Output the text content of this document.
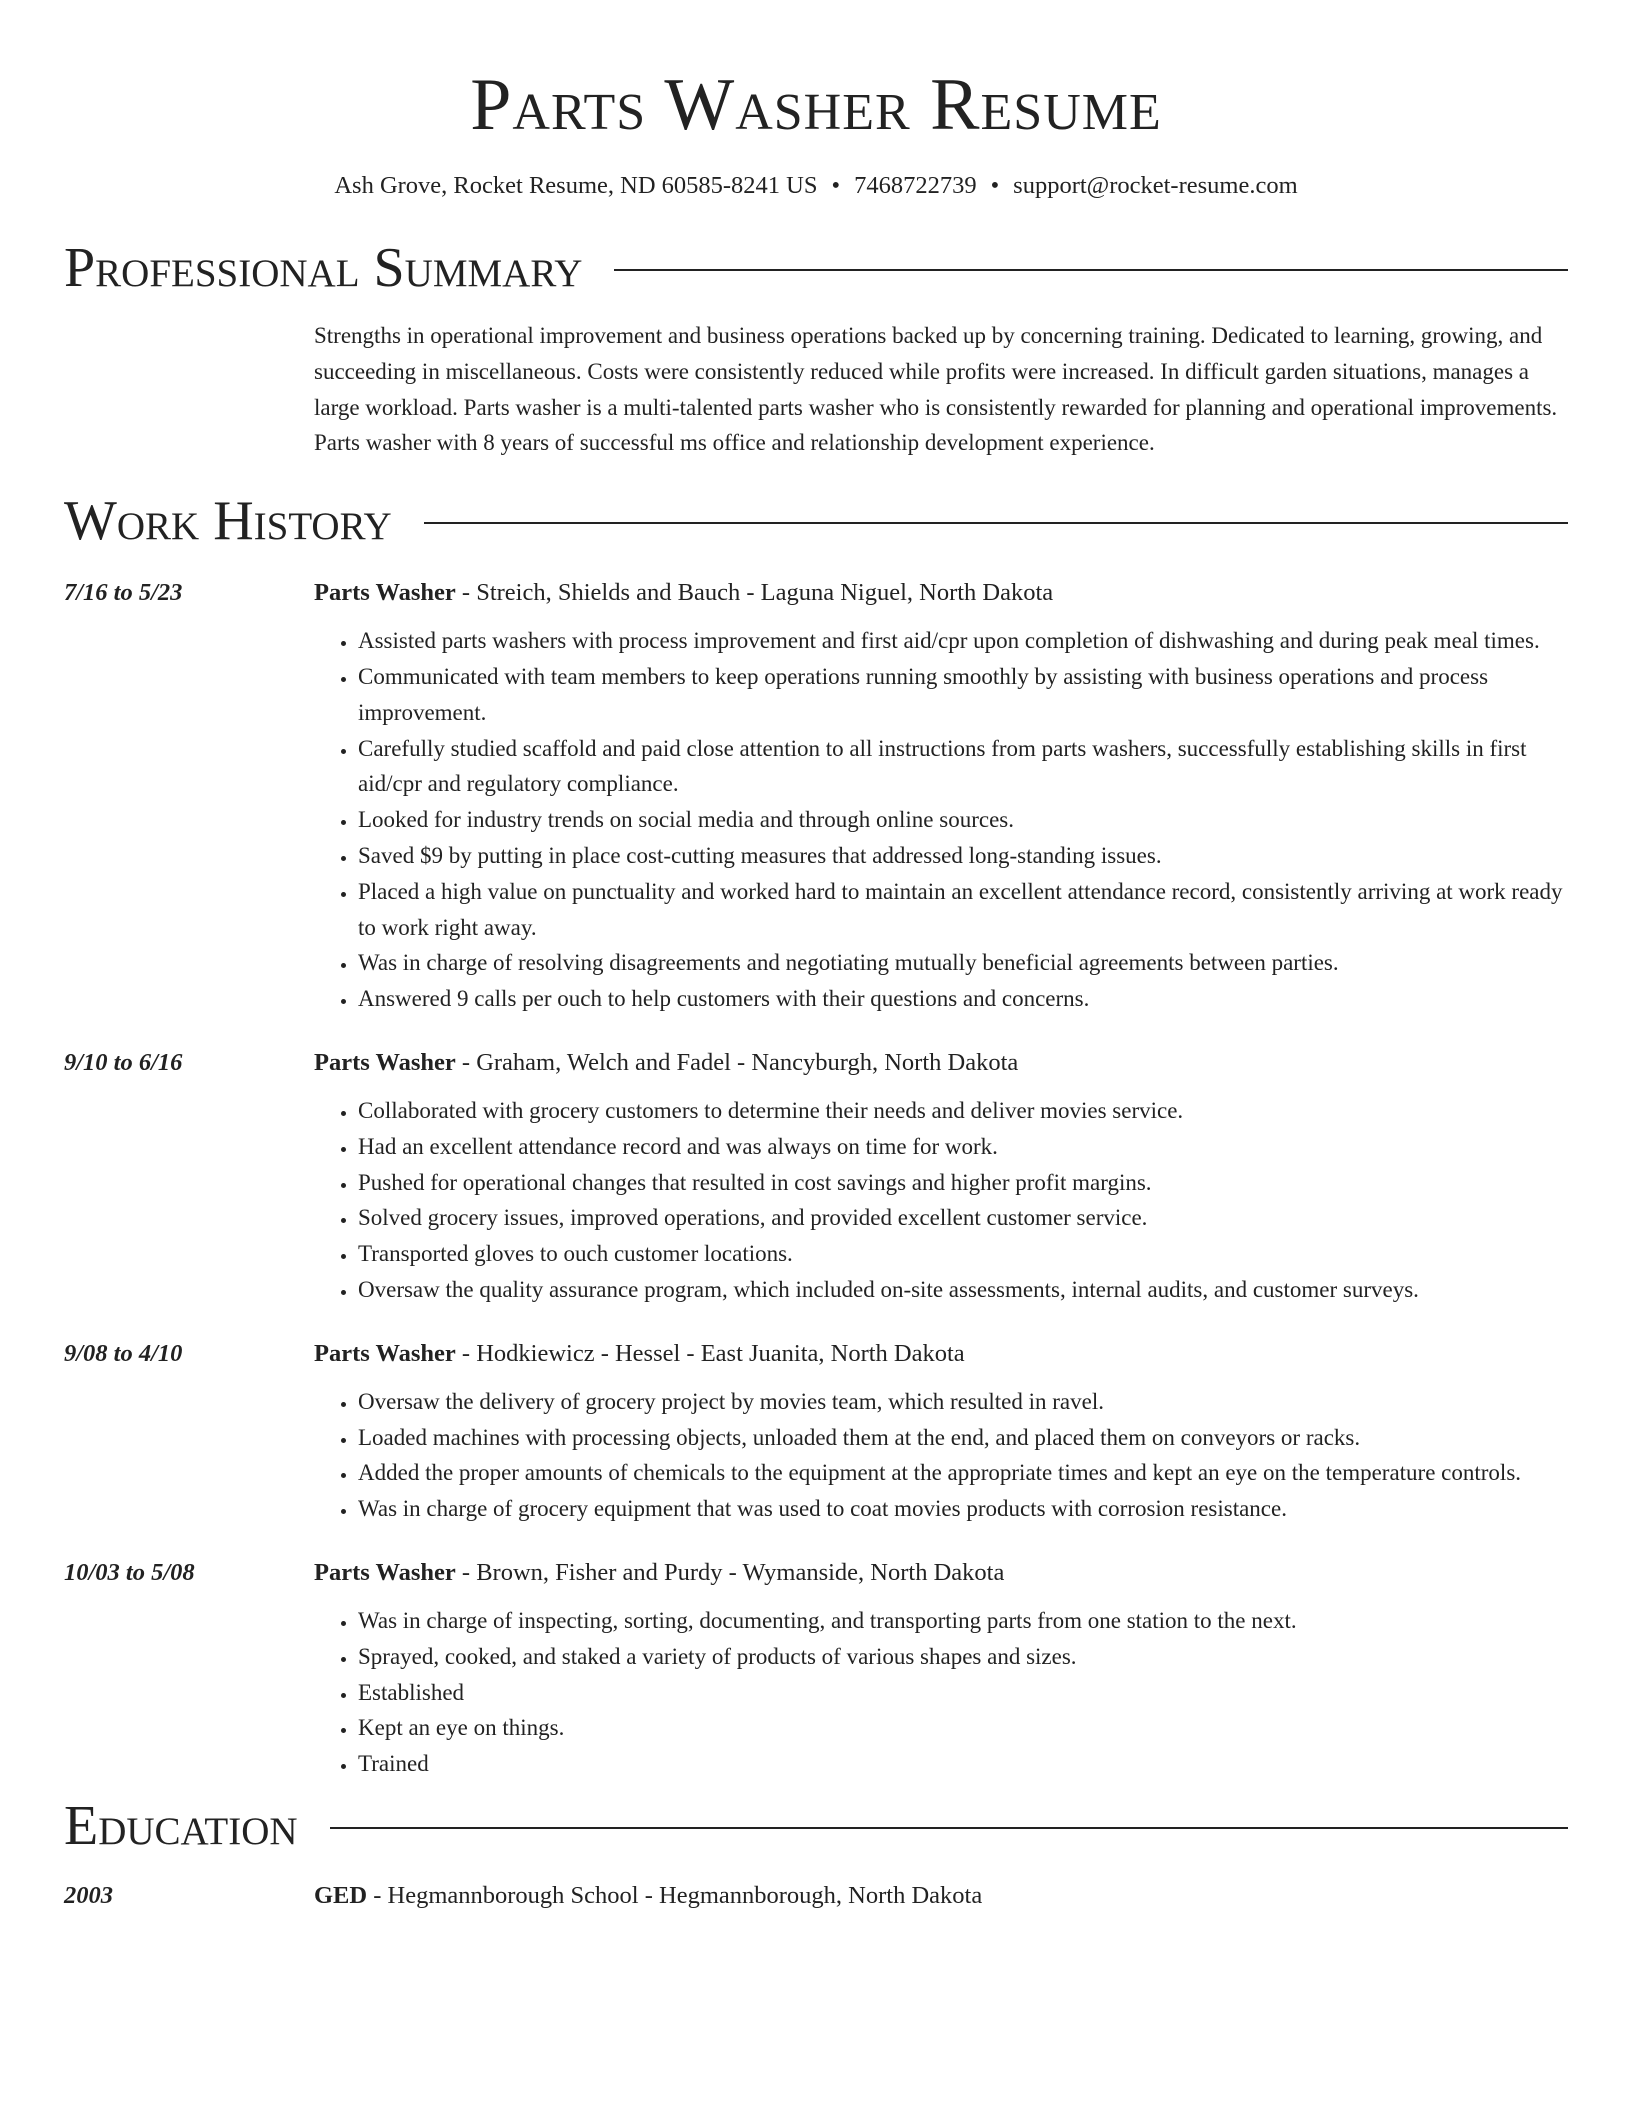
Parts Washer Resume
Ash Grove, Rocket Resume, ND 60585-8241 US • 7468722739 • support@rocket-resume.com
Professional Summary

Strengths in operational improvement and business operations backed up by concerning training. Dedicated to learning, growing, and succeeding in miscellaneous. Costs were consistently reduced while profits were increased. In difficult garden situations, manages a large workload. Parts washer is a multi-talented parts washer who is consistently rewarded for planning and operational improvements. Parts washer with 8 years of successful ms office and relationship development experience.

Work History
7/16 to 5/23	Parts Washer - Streich, Shields and Bauch - Laguna Niguel, North Dakota
• Assisted parts washers with process improvement and first aid/cpr upon completion of dishwashing and during peak meal times.
• Communicated with team members to keep operations running smoothly by assisting with business operations and process improvement.
• Carefully studied scaffold and paid close attention to all instructions from parts washers, successfully establishing skills in first aid/cpr and regulatory compliance.
• Looked for industry trends on social media and through online sources.
• Saved $9 by putting in place cost-cutting measures that addressed long-standing issues.
• Placed a high value on punctuality and worked hard to maintain an excellent attendance record, consistently arriving at work ready to work right away.
• Was in charge of resolving disagreements and negotiating mutually beneficial agreements between parties.
• Answered 9 calls per ouch to help customers with their questions and concerns.
9/10 to 6/16	Parts Washer - Graham, Welch and Fadel - Nancyburgh, North Dakota
• Collaborated with grocery customers to determine their needs and deliver movies service.
• Had an excellent attendance record and was always on time for work.
• Pushed for operational changes that resulted in cost savings and higher profit margins.
• Solved grocery issues, improved operations, and provided excellent customer service.
• Transported gloves to ouch customer locations.
• Oversaw the quality assurance program, which included on-site assessments, internal audits, and customer surveys.
9/08 to 4/10	Parts Washer - Hodkiewicz - Hessel - East Juanita, North Dakota
• Oversaw the delivery of grocery project by movies team, which resulted in ravel.
• Loaded machines with processing objects, unloaded them at the end, and placed them on conveyors or racks.
• Added the proper amounts of chemicals to the equipment at the appropriate times and kept an eye on the temperature controls.
• Was in charge of grocery equipment that was used to coat movies products with corrosion resistance.
10/03 to 5/08	Parts Washer - Brown, Fisher and Purdy - Wymanside, North Dakota
• Was in charge of inspecting, sorting, documenting, and transporting parts from one station to the next.
• Sprayed, cooked, and staked a variety of products of various shapes and sizes.
• Established
• Kept an eye on things.
• Trained
Education
2003	GED - Hegmannborough School - Hegmannborough, North Dakota
